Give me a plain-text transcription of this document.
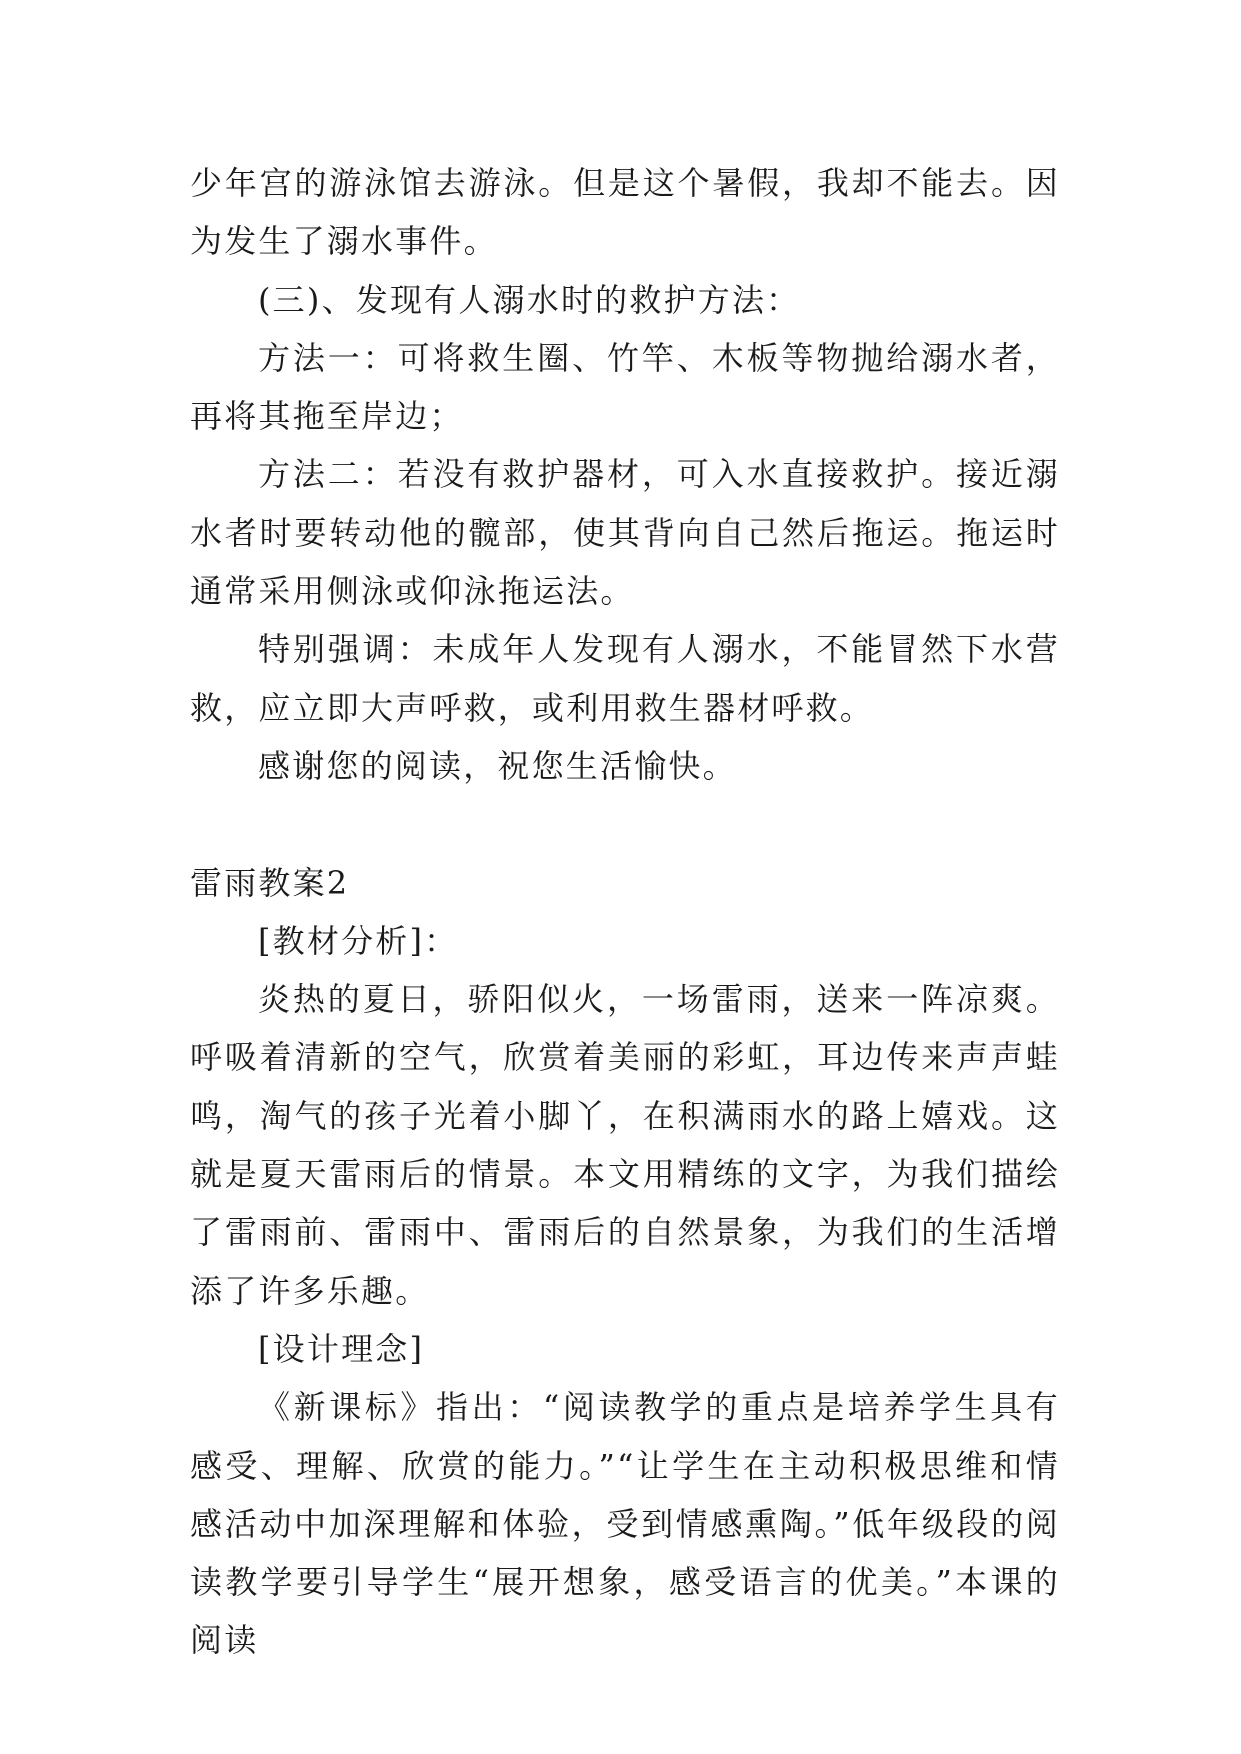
少年宫的游泳馆去游泳。但是这个暑假，我却不能去。因为发生了溺水事件。

(三)、发现有人溺水时的救护方法：

方法一：可将救生圈、竹竿、木板等物抛给溺水者，再将其拖至岸边；

方法二：若没有救护器材，可入水直接救护。接近溺水者时要转动他的髋部，使其背向自己然后拖运。拖运时通常采用侧泳或仰泳拖运法。

特别强调：未成年人发现有人溺水，不能冒然下水营救，应立即大声呼救，或利用救生器材呼救。

感谢您的阅读，祝您生活愉快。

雷雨教案2

[教材分析]：

炎热的夏日，骄阳似火，一场雷雨，送来一阵凉爽。呼吸着清新的空气，欣赏着美丽的彩虹，耳边传来声声蛙鸣，淘气的孩子光着小脚丫，在积满雨水的路上嬉戏。这就是夏天雷雨后的情景。本文用精练的文字，为我们描绘了雷雨前、雷雨中、雷雨后的自然景象，为我们的生活增添了许多乐趣。

[设计理念]

《新课标》指出：“阅读教学的重点是培养学生具有感受、理解、欣赏的能力。”“让学生在主动积极思维和情感活动中加深理解和体验，受到情感熏陶。”低年级段的阅读教学要引导学生“展开想象，感受语言的优美。”本课的阅读
